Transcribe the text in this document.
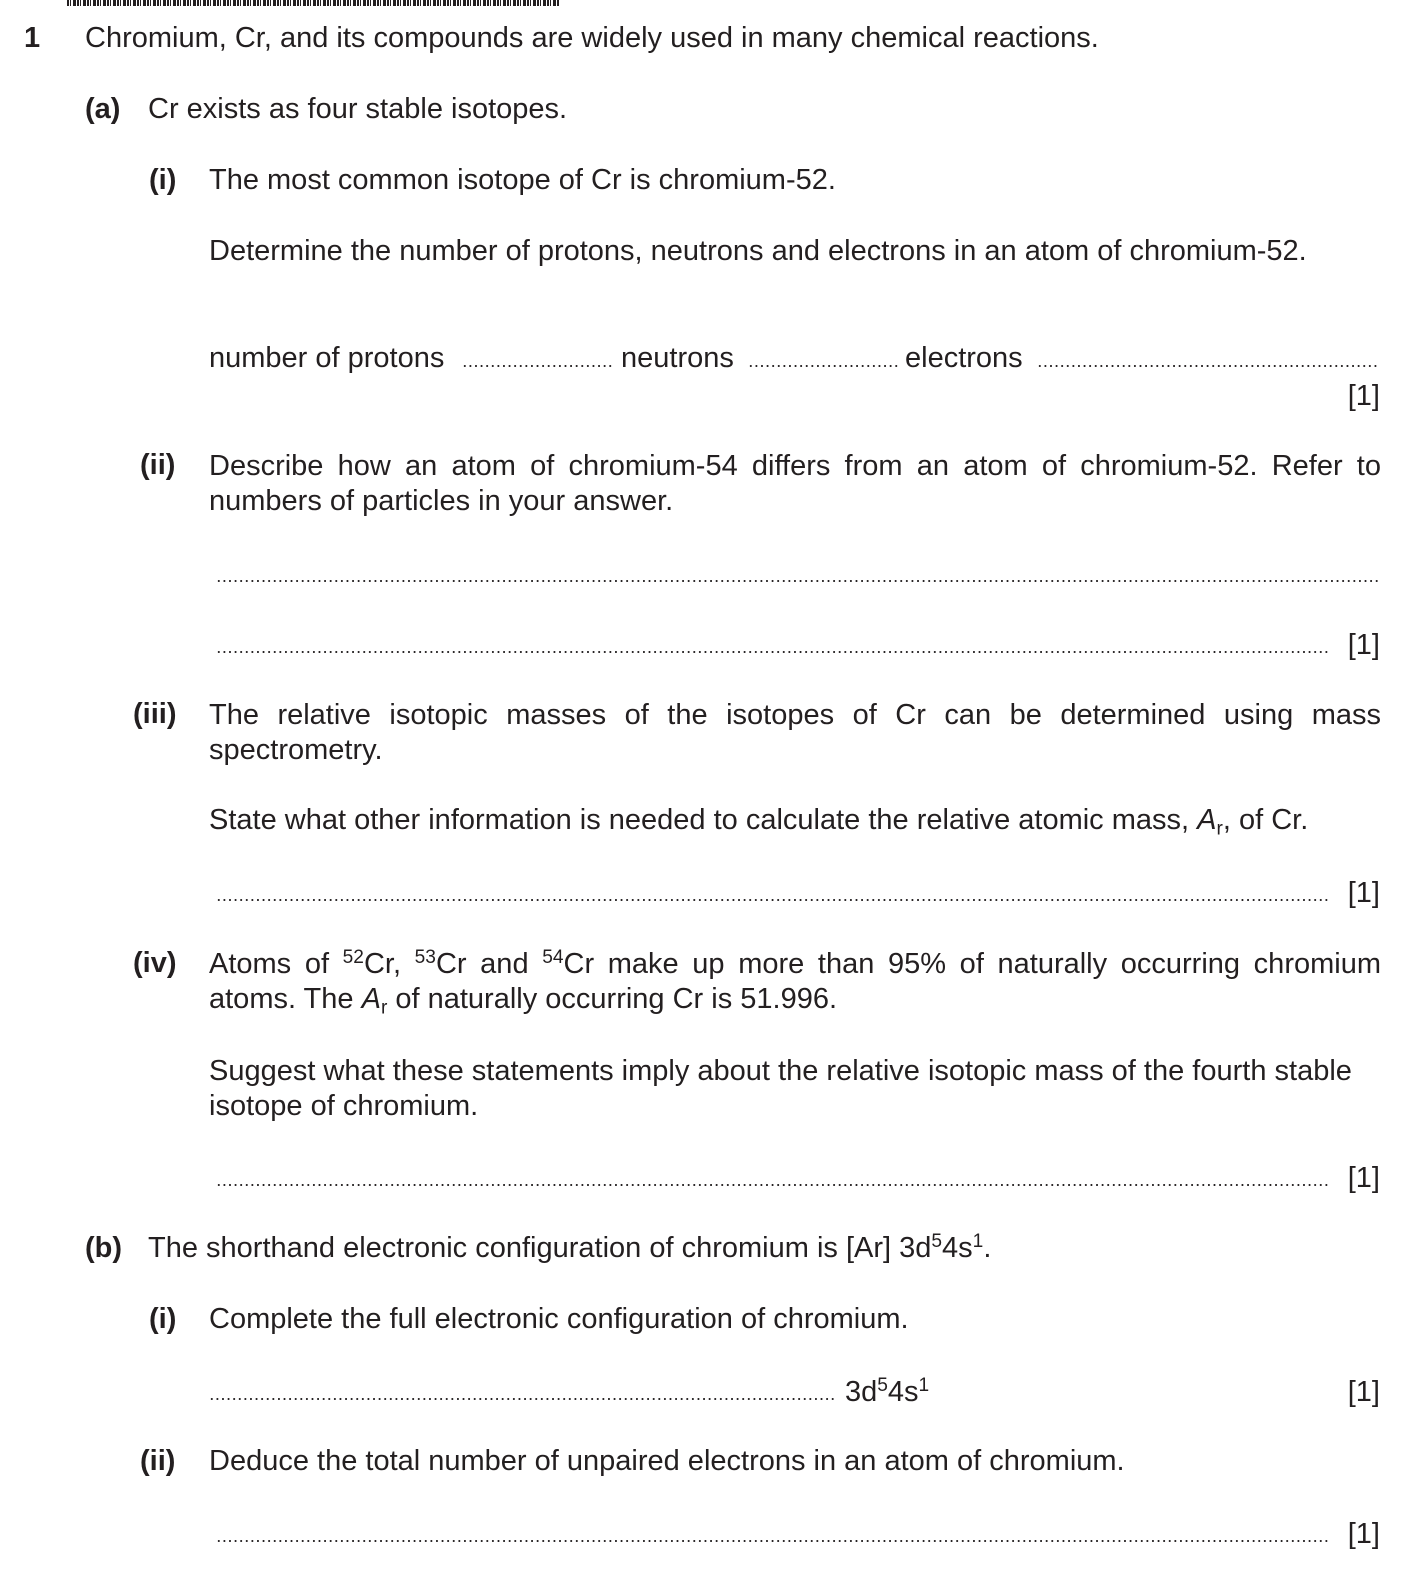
1 Chromium, Cr, and its compounds are widely used in many chemical reactions.
(a) Cr exists as four stable isotopes.
(i) The most common isotope of Cr is chromium-52.
Determine the number of protons, neutrons and electrons in an atom of chromium-52.
number of protons	neutrons	electrons
[1]
(ii) Describe how an atom of chromium-54 differs from an atom of chromium-52. Refer to numbers of particles in your answer.
[1]
(iii) The relative isotopic masses of the isotopes of Cr can be determined using mass spectrometry.
State what other information is needed to calculate the relative atomic mass, $A_r$, of Cr.
[1]
(iv) Atoms of $^{52}$Cr, $^{53}$Cr and $^{54}$Cr make up more than 95% of naturally occurring chromium atoms. The $A_r$ of naturally occurring Cr is 51.996.
Suggest what these statements imply about the relative isotopic mass of the fourth stable isotope of chromium.
[1]
(b) The shorthand electronic configuration of chromium is [Ar] $3d^54s^1$.
(i) Complete the full electronic configuration of chromium.
$3d^54s^1$	[1]
(ii) Deduce the total number of unpaired electrons in an atom of chromium.
[1]
